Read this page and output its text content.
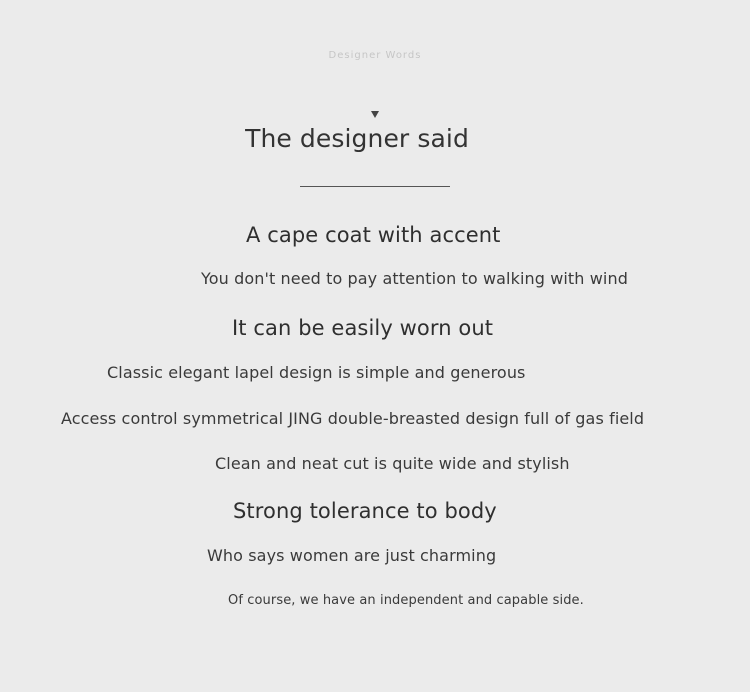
Designer Words
The designer said
A cape coat with accent
You don't need to pay attention to walking with wind
It can be easily worn out
Classic elegant lapel design is simple and generous
Access control symmetrical JING double-breasted design full of gas field
Clean and neat cut is quite wide and stylish
Strong tolerance to body
Who says women are just charming
Of course, we have an independent and capable side.
